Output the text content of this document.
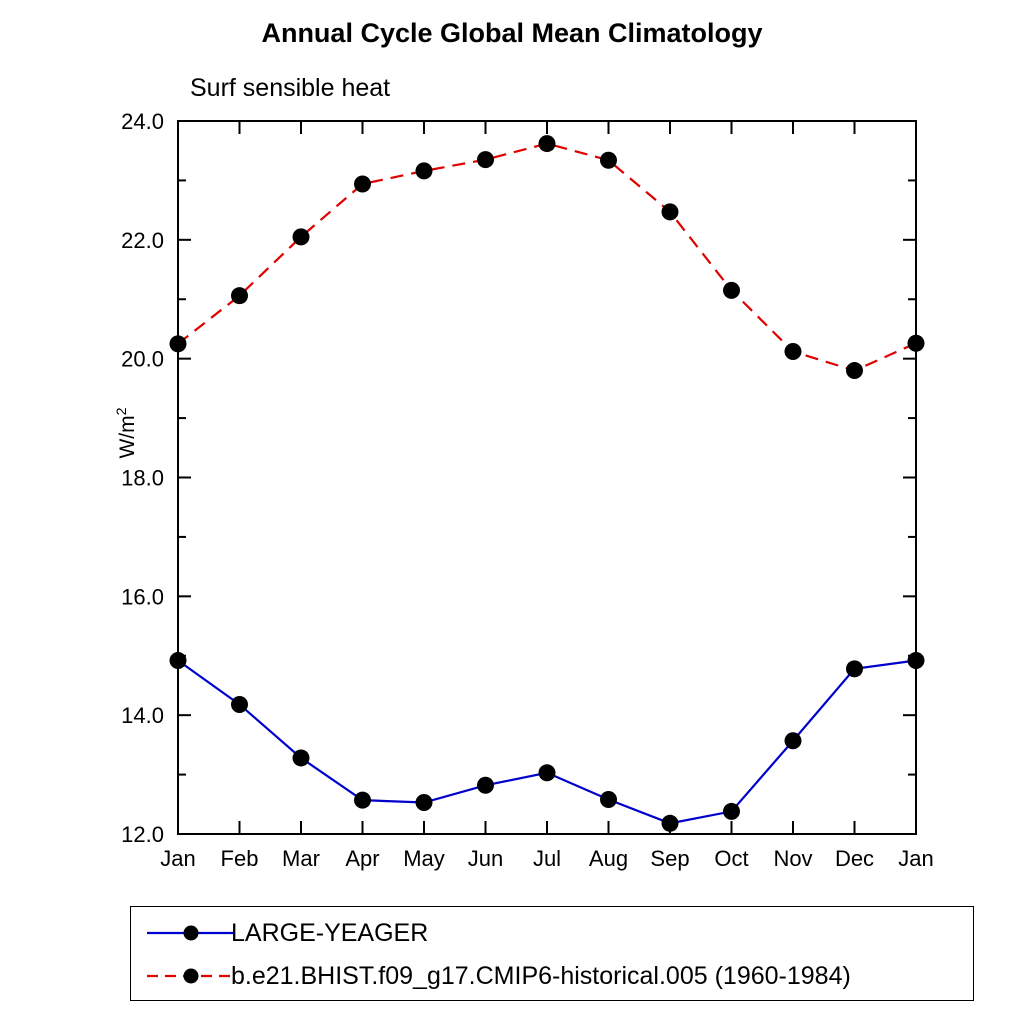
Annual Cycle Global Mean Climatology
Surf sensible heat
$W/m^2$
12.0
14.0
16.0
18.0
20.0
22.0
24.0
Jan Feb Mar Apr May Jun Jul Aug Sep Oct Nov Dec Jan
LARGE-YEAGER
b.e21.BHIST.f09_g17.CMIP6-historical.005 (1960-1984)
